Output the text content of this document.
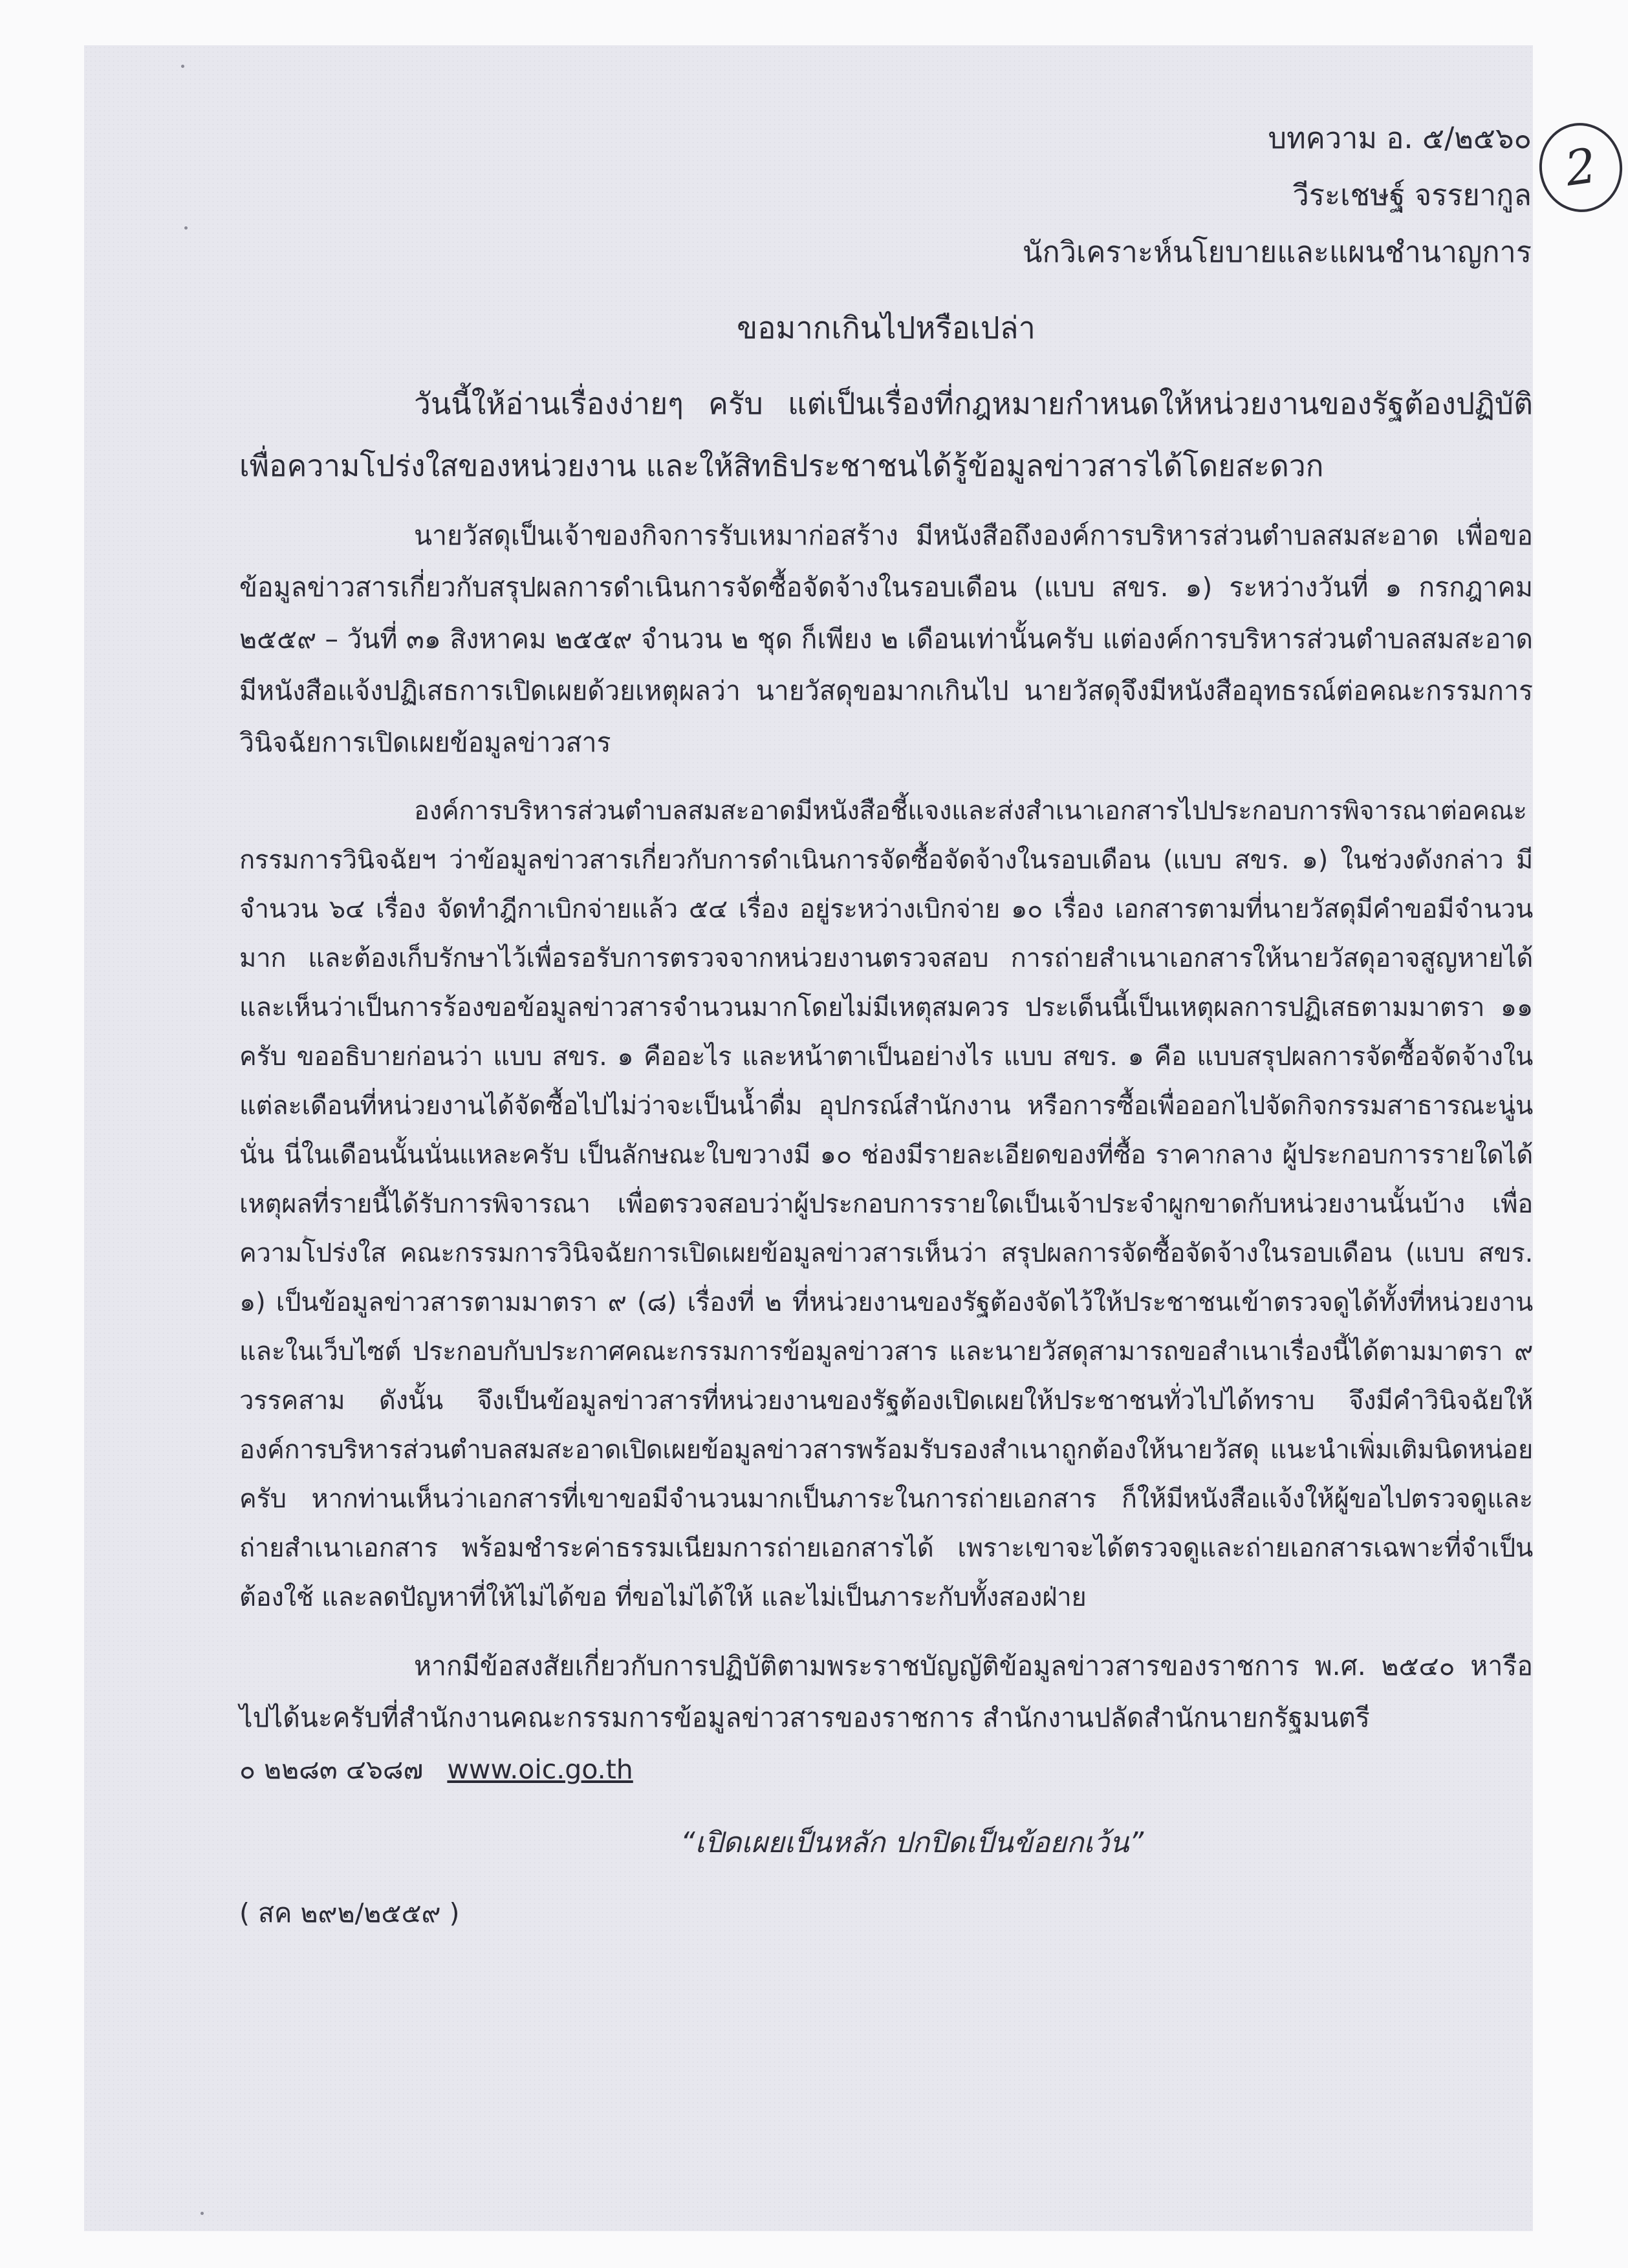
2
บทความ อ. ๕/๒๕๖๐
วีระเชษฐ์ จรรยากูล
นักวิเคราะห์นโยบายและแผนชำนาญการ
ขอมากเกินไปหรือเปล่า

วันนี้ให้อ่านเรื่องง่ายๆ ครับ แต่เป็นเรื่องที่กฎหมายกำหนดให้หน่วยงานของรัฐต้องปฏิบัติเพื่อความโปร่งใสของหน่วยงาน และให้สิทธิประชาชนได้รู้ข้อมูลข่าวสารได้โดยสะดวก

นายวัสดุเป็นเจ้าของกิจการรับเหมาก่อสร้าง มีหนังสือถึงองค์การบริหารส่วนตำบลสมสะอาด เพื่อขอข้อมูลข่าวสารเกี่ยวกับสรุปผลการดำเนินการจัดซื้อจัดจ้างในรอบเดือน (แบบ สขร. ๑) ระหว่างวันที่ ๑ กรกฎาคม ๒๕๕๙ – วันที่ ๓๑ สิงหาคม ๒๕๕๙ จำนวน ๒ ชุด ก็เพียง ๒ เดือนเท่านั้นครับ แต่องค์การบริหารส่วนตำบลสมสะอาด มีหนังสือแจ้งปฏิเสธการเปิดเผยด้วยเหตุผลว่า นายวัสดุขอมากเกินไป นายวัสดุจึงมีหนังสืออุทธรณ์ต่อคณะกรรมการวินิจฉัยการเปิดเผยข้อมูลข่าวสาร

องค์การบริหารส่วนตำบลสมสะอาดมีหนังสือชี้แจงและส่งสำเนาเอกสารไปประกอบการพิจารณาต่อคณะกรรมการวินิจฉัยฯ ว่าข้อมูลข่าวสารเกี่ยวกับการดำเนินการจัดซื้อจัดจ้างในรอบเดือน (แบบ สขร. ๑) ในช่วงดังกล่าว มีจำนวน ๖๔ เรื่อง จัดทำฎีกาเบิกจ่ายแล้ว ๕๔ เรื่อง อยู่ระหว่างเบิกจ่าย ๑๐ เรื่อง เอกสารตามที่นายวัสดุมีคำขอมีจำนวนมาก และต้องเก็บรักษาไว้เพื่อรอรับการตรวจจากหน่วยงานตรวจสอบ การถ่ายสำเนาเอกสารให้นายวัสดุอาจสูญหายได้ และเห็นว่าเป็นการร้องขอข้อมูลข่าวสารจำนวนมากโดยไม่มีเหตุสมควร ประเด็นนี้เป็นเหตุผลการปฏิเสธตามมาตรา ๑๑ ครับ ขออธิบายก่อนว่า แบบ สขร. ๑ คืออะไร และหน้าตาเป็นอย่างไร แบบ สขร. ๑ คือ แบบสรุปผลการจัดซื้อจัดจ้างในแต่ละเดือนที่หน่วยงานได้จัดซื้อไปไม่ว่าจะเป็นน้ำดื่ม อุปกรณ์สำนักงาน หรือการซื้อเพื่อออกไปจัดกิจกรรมสาธารณะนู่น นั่น นี่ในเดือนนั้นนั่นแหละครับ เป็นลักษณะใบขวางมี ๑๐ ช่องมีรายละเอียดของที่ซื้อ ราคากลาง ผู้ประกอบการรายใดได้ เหตุผลที่รายนี้ได้รับการพิจารณา เพื่อตรวจสอบว่าผู้ประกอบการรายใดเป็นเจ้าประจำผูกขาดกับหน่วยงานนั้นบ้าง เพื่อความโปร่งใส คณะกรรมการวินิจฉัยการเปิดเผยข้อมูลข่าวสารเห็นว่า สรุปผลการจัดซื้อจัดจ้างในรอบเดือน (แบบ สขร. ๑) เป็นข้อมูลข่าวสารตามมาตรา ๙ (๘) เรื่องที่ ๒ ที่หน่วยงานของรัฐต้องจัดไว้ให้ประชาชนเข้าตรวจดูได้ทั้งที่หน่วยงานและในเว็บไซต์ ประกอบกับประกาศคณะกรรมการข้อมูลข่าวสาร และนายวัสดุสามารถขอสำเนาเรื่องนี้ได้ตามมาตรา ๙ วรรคสาม ดังนั้น จึงเป็นข้อมูลข่าวสารที่หน่วยงานของรัฐต้องเปิดเผยให้ประชาชนทั่วไปได้ทราบ จึงมีคำวินิจฉัยให้องค์การบริหารส่วนตำบลสมสะอาดเปิดเผยข้อมูลข่าวสารพร้อมรับรองสำเนาถูกต้องให้นายวัสดุ แนะนำเพิ่มเติมนิดหน่อยครับ หากท่านเห็นว่าเอกสารที่เขาขอมีจำนวนมากเป็นภาระในการถ่ายเอกสาร ก็ให้มีหนังสือแจ้งให้ผู้ขอไปตรวจดูและถ่ายสำเนาเอกสาร พร้อมชำระค่าธรรมเนียมการถ่ายเอกสารได้ เพราะเขาจะได้ตรวจดูและถ่ายเอกสารเฉพาะที่จำเป็นต้องใช้ และลดปัญหาที่ให้ไม่ได้ขอ ที่ขอไม่ได้ให้ และไม่เป็นภาระกับทั้งสองฝ่าย

หากมีข้อสงสัยเกี่ยวกับการปฏิบัติตามพระราชบัญญัติข้อมูลข่าวสารของราชการ พ.ศ. ๒๕๔๐ หารือไปได้นะครับที่สำนักงานคณะกรรมการข้อมูลข่าวสารของราชการ สำนักงานปลัดสำนักนายกรัฐมนตรี

๐ ๒๒๘๓ ๔๖๘๗ www.oic.go.th

“เปิดเผยเป็นหลัก ปกปิดเป็นข้อยกเว้น”
( สค ๒๙๒/๒๕๕๙ )
